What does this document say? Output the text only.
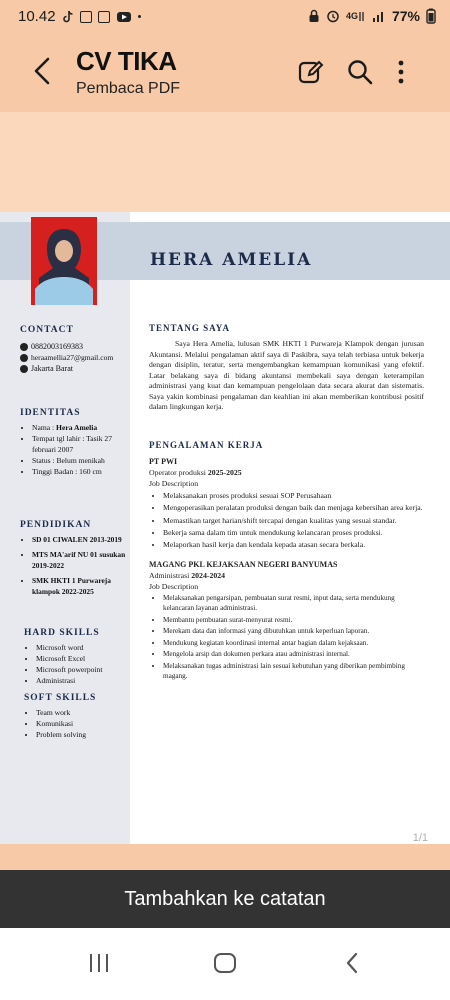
10.42	4G 77%
CV TIKA
Pembaca PDF
HERA AMELIA
CONTACT
0882003169383
heraamellia27@gmail.com
Jakarta Barat
IDENTITAS
• Nama : Hera Amelia
• Tempat tgl lahir : Tasik 27 februari 2007
• Status : Belum menikah
• Tinggi Badan : 160 cm
PENDIDIKAN
• SD 01 CIWALEN 2013-2019
• MTS MA'arif NU 01 susukan 2019-2022
• SMK HKTI 1 Purwareja klampok 2022-2025
HARD SKILLS
• Microsoft word
• Microsoft Excel
• Microsoft powerpoint
• Administrasi
SOFT SKILLS
• Team work
• Komunikasi
• Problem solving
TENTANG SAYA

Saya Hera Amelia, lulusan SMK HKTI 1 Purwareja Klampok dengan jurusan Akuntansi. Melalui pengalaman aktif saya di Paskibra, saya telah terbiasa untuk bekerja dengan disiplin, teratur, serta mengembangkan kemampuan komunikasi yang efektif. Latar belakang saya di bidang akuntansi membekali saya dengan keterampilan administrasi yang kuat dan kemampuan pengelolaan data secara akurat dan sistematis. Saya yakin kombinasi pengalaman dan keahlian ini akan memberikan kontribusi positif dalam lingkungan kerja.

PENGALAMAN KERJA
PT PWI
Operator produksi 2025-2025
Job Description
• Melaksanakan proses produksi sesuai SOP Perusahaan
• Mengoperasikan peralatan produksi dengan baik dan menjaga kebersihan area kerja.
• Memastikan target harian/shift tercapai dengan kualitas yang sesuai standar.
• Bekerja sama dalam tim untuk mendukung kelancaran proses produksi.
• Melaporkan hasil kerja dan kendala kepada atasan secara berkala.
MAGANG PKL KEJAKSAAN NEGERI BANYUMAS
Administrasi 2024-2024
Job Description
• Melaksanakan pengarsipan, pembuatan surat resmi, input data, serta mendukung kelancaran layanan administrasi.
• Membantu pembuatan surat-menyurat resmi.
• Merekam data dan informasi yang dibutuhkan untuk keperluan laporan.
• Mendukung kegiatan koordinasi internal antar bagian dalam kejaksaan.
• Mengelola arsip dan dokumen perkara atau administrasi internal.
• Melaksanakan tugas administrasi lain sesuai kebutuhan yang diberikan pembimbing magang.
1/1
Tambahkan ke catatan
